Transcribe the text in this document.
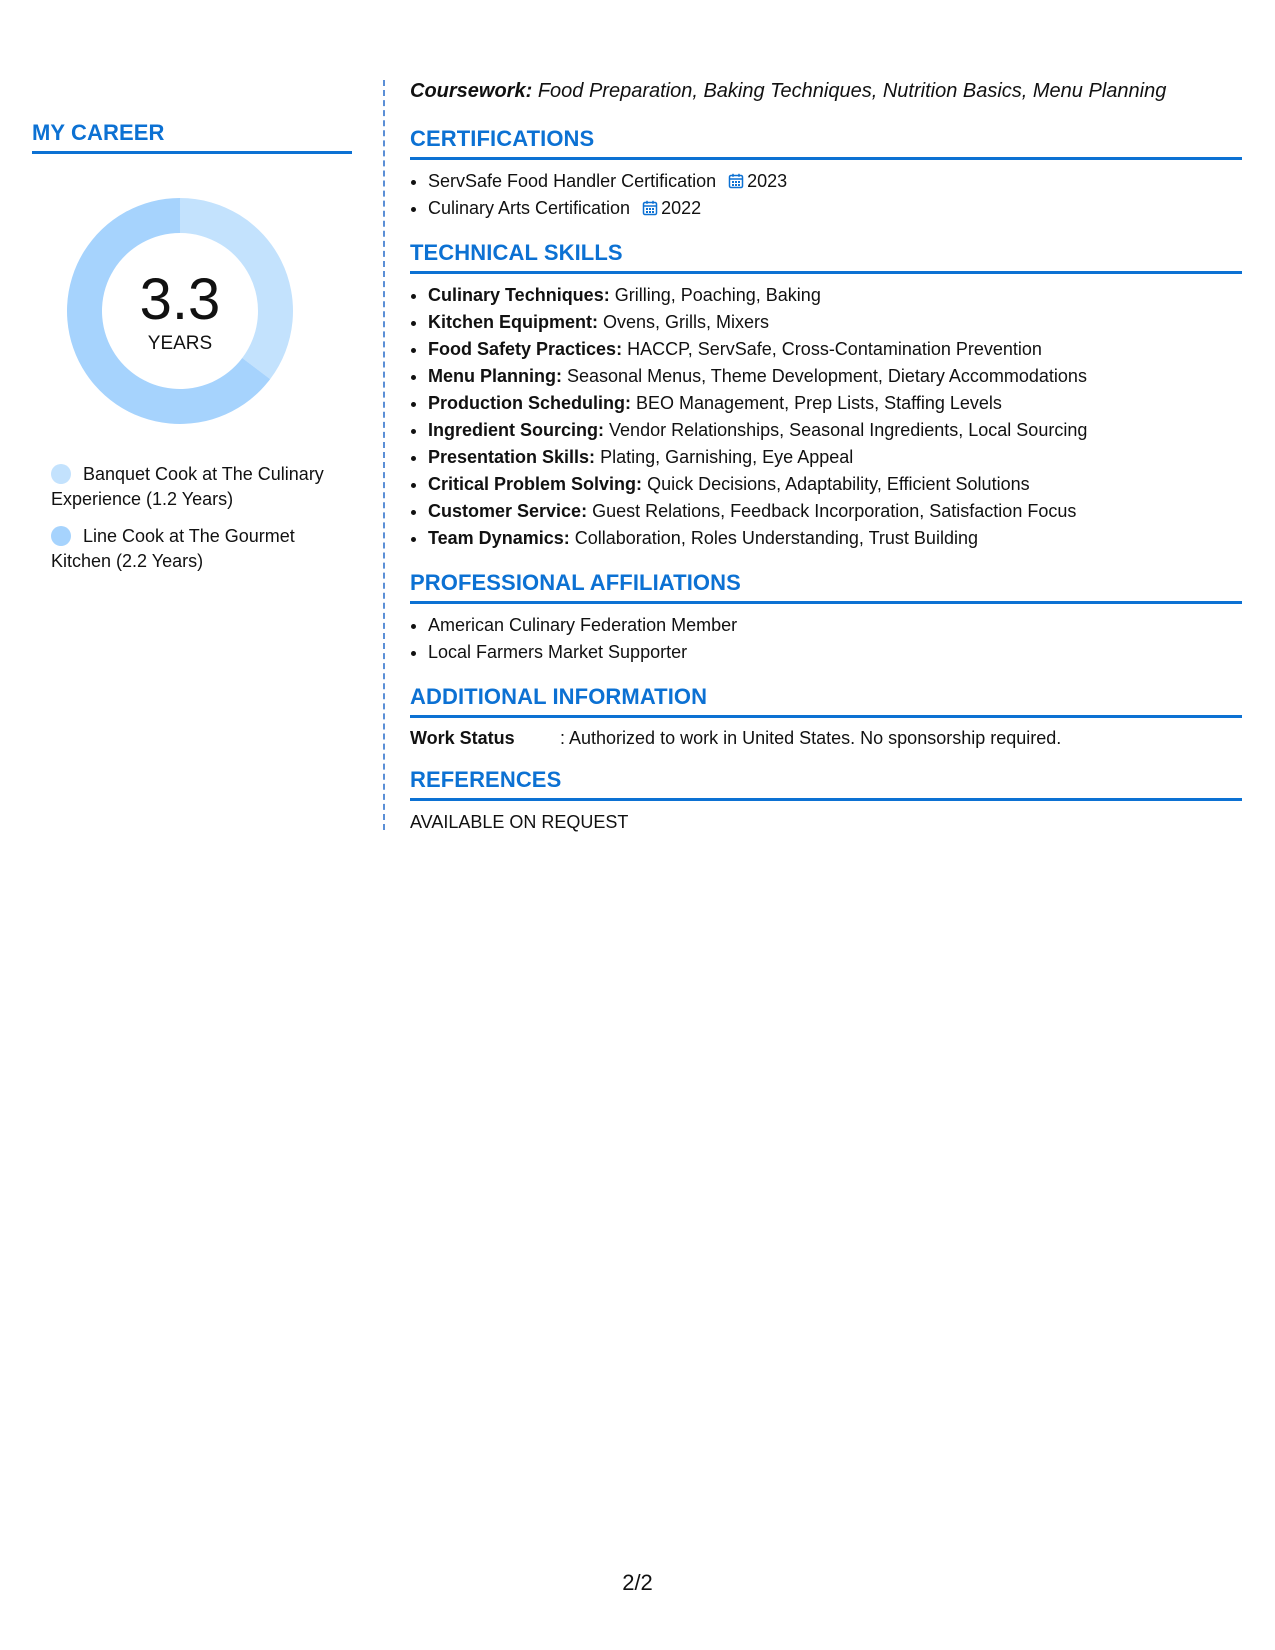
MY CAREER
3.3
YEARS
Banquet Cook at The Culinary Experience (1.2 Years)
Line Cook at The Gourmet Kitchen (2.2 Years)

Coursework: Food Preparation, Baking Techniques, Nutrition Basics, Menu Planning

CERTIFICATIONS
• ServSafe Food Handler Certification 2023
• Culinary Arts Certification 2022
TECHNICAL SKILLS
• Culinary Techniques: Grilling, Poaching, Baking
• Kitchen Equipment: Ovens, Grills, Mixers
• Food Safety Practices: HACCP, ServSafe, Cross-Contamination Prevention
• Menu Planning: Seasonal Menus, Theme Development, Dietary Accommodations
• Production Scheduling: BEO Management, Prep Lists, Staffing Levels
• Ingredient Sourcing: Vendor Relationships, Seasonal Ingredients, Local Sourcing
• Presentation Skills: Plating, Garnishing, Eye Appeal
• Critical Problem Solving: Quick Decisions, Adaptability, Efficient Solutions
• Customer Service: Guest Relations, Feedback Incorporation, Satisfaction Focus
• Team Dynamics: Collaboration, Roles Understanding, Trust Building
PROFESSIONAL AFFILIATIONS
• American Culinary Federation Member
• Local Farmers Market Supporter
ADDITIONAL INFORMATION
Work Status	: Authorized to work in United States. No sponsorship required.
REFERENCES
AVAILABLE ON REQUEST
2/2
